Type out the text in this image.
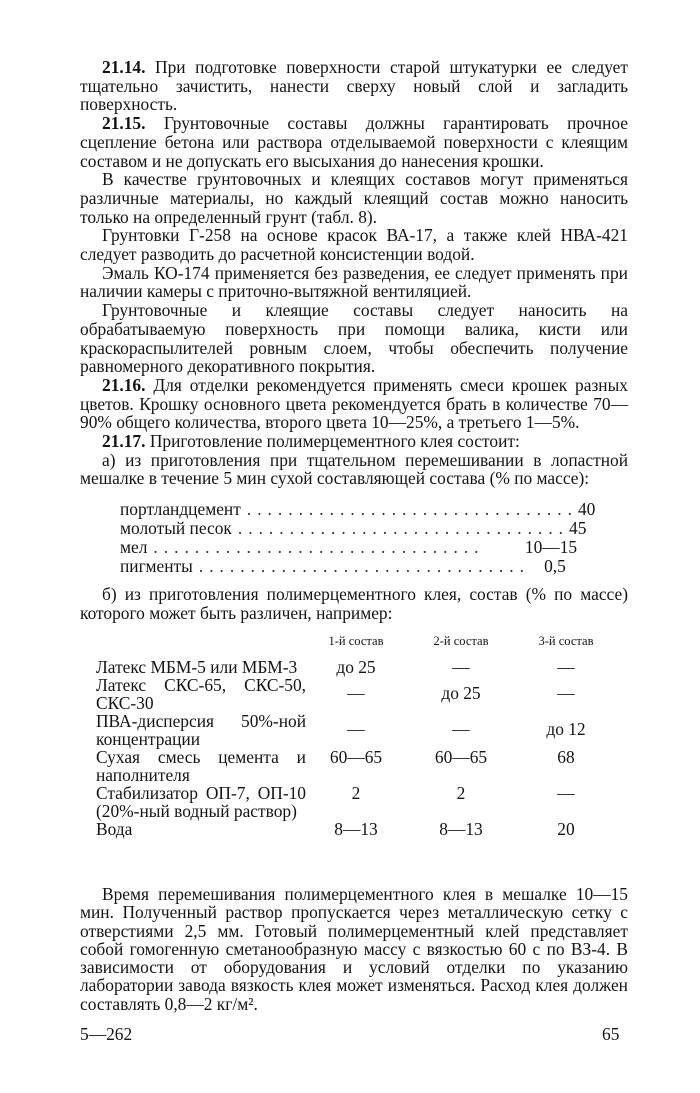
21.14. При подготовке поверхности старой штукатурки ее следует тщательно зачистить, нанести сверху новый слой и загладить поверхность.

21.15. Грунтовочные составы должны гарантировать прочное сцепление бетона или раствора отделываемой поверхности с клеящим составом и не допускать его высыхания до нанесения крошки.

В качестве грунтовочных и клеящих составов могут применяться различные материалы, но каждый клеящий состав можно наносить только на определенный грунт (табл. 8).

Грунтовки Г-258 на основе красок ВА-17, а также клей НВА-421 следует разводить до расчетной консистенции водой.

Эмаль КО-174 применяется без разведения, ее следует применять при наличии камеры с приточно-вытяжной вентиляцией.

Грунтовочные и клеящие составы следует наносить на обрабатываемую поверхность при помощи валика, кисти или краскораспылителей ровным слоем, чтобы обеспечить получение равномерного декоративного покрытия.

21.16. Для отделки рекомендуется применять смеси крошек разных цветов. Крошку основного цвета рекомендуется брать в количестве 70—90% общего количества, второго цвета 10—25%, а третьего 1—5%.

21.17. Приготовление полимерцементного клея состоит:

а) из приготовления при тщательном перемешивании в лопастной мешалке в течение 5 мин сухой составляющей состава (% по массе):

портландцемент ................................ 40
молотый песок ................................ 45
мел ................................	10—15
пигменты ................................ 0,5

б) из приготовления полимерцементного клея, состав (% по массе) которого может быть различен, например:

	1-й состав	2-й состав	3-й состав
Латекс МБМ-5 или МБМ-3	до 25	—	—
Латекс СКС-65, СКС-50, СКС-30	—	до 25	—
ПВА-дисперсия 50%-ной концентрации	—	—	до 12
Сухая смесь цемента и наполнителя	60—65	60—65	68
Стабилизатор ОП-7, ОП-10 (20%-ный водный раствор)	2	2	—
Вода	8—13	8—13	20

Время перемешивания полимерцементного клея в мешалке 10—15 мин. Полученный раствор пропускается через металлическую сетку с отверстиями 2,5 мм. Готовый полимерцементный клей представляет собой гомогенную сметанообразную массу с вязкостью 60 с по ВЗ-4. В зависимости от оборудования и условий отделки по указанию лаборатории завода вязкость клея может изменяться. Расход клея должен составлять 0,8—2 кг/м².

5—262	65
